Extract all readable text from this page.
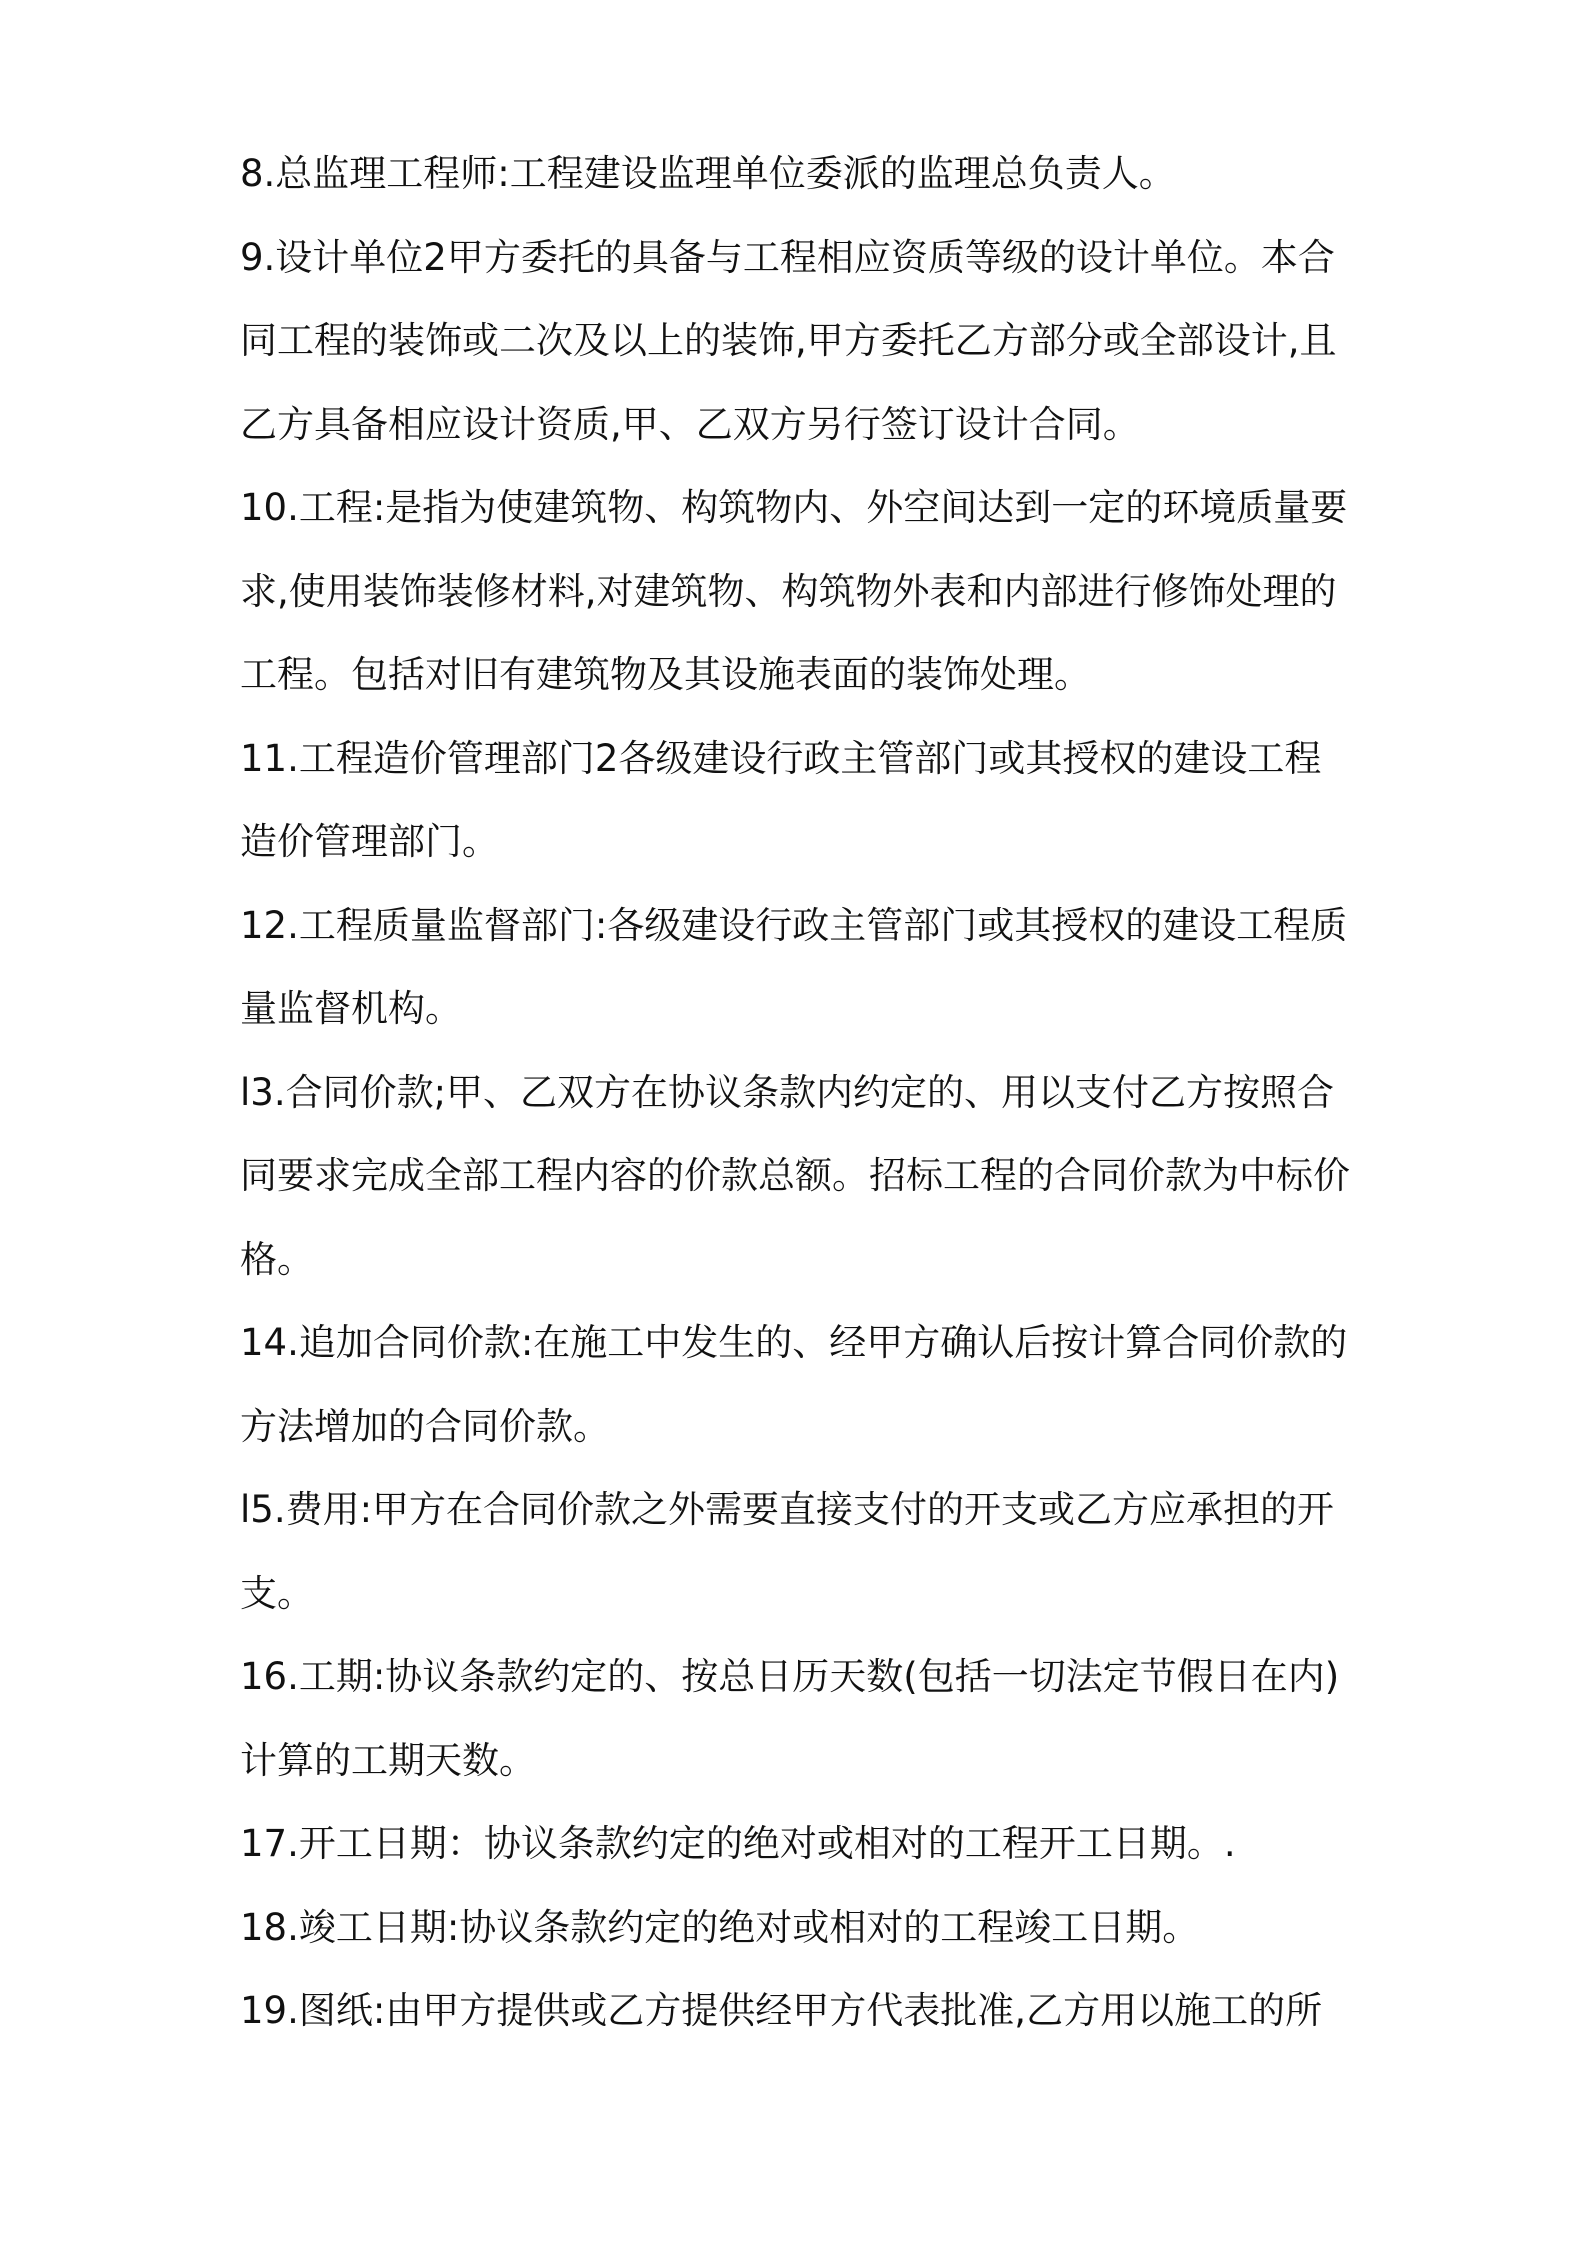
8.总监理工程师:工程建设监理单位委派的监理总负责人。
9.设计单位2甲方委托的具备与工程相应资质等级的设计单位。本合
同工程的装饰或二次及以上的装饰,甲方委托乙方部分或全部设计,且
乙方具备相应设计资质,甲、乙双方另行签订设计合同。
10.工程:是指为使建筑物、构筑物内、外空间达到一定的环境质量要
求,使用装饰装修材料,对建筑物、构筑物外表和内部进行修饰处理的
工程。包括对旧有建筑物及其设施表面的装饰处理。
11.工程造价管理部门2各级建设行政主管部门或其授权的建设工程
造价管理部门。
12.工程质量监督部门:各级建设行政主管部门或其授权的建设工程质
量监督机构。
l3.合同价款;甲、乙双方在协议条款内约定的、用以支付乙方按照合
同要求完成全部工程内容的价款总额。招标工程的合同价款为中标价
格。
14.追加合同价款:在施工中发生的、经甲方确认后按计算合同价款的
方法增加的合同价款。
l5.费用:甲方在合同价款之外需要直接支付的开支或乙方应承担的开
支。
16.工期:协议条款约定的、按总日历天数(包括一切法定节假日在内)
计算的工期天数。
17.开工日期：协议条款约定的绝对或相对的工程开工日期。.
18.竣工日期:协议条款约定的绝对或相对的工程竣工日期。
19.图纸:由甲方提供或乙方提供经甲方代表批准,乙方用以施工的所
